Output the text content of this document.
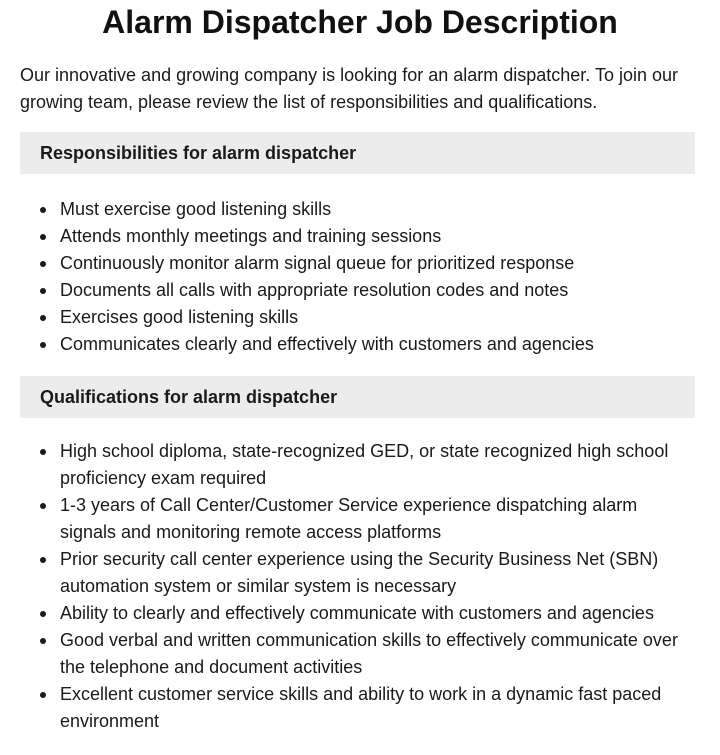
Alarm Dispatcher Job Description

Our innovative and growing company is looking for an alarm dispatcher. To join our growing team, please review the list of responsibilities and qualifications.

Responsibilities for alarm dispatcher
Must exercise good listening skills
Attends monthly meetings and training sessions
Continuously monitor alarm signal queue for prioritized response
Documents all calls with appropriate resolution codes and notes
Exercises good listening skills
Communicates clearly and effectively with customers and agencies
Qualifications for alarm dispatcher
High school diploma, state-recognized GED, or state recognized high school proficiency exam required
1-3 years of Call Center/Customer Service experience dispatching alarm signals and monitoring remote access platforms
Prior security call center experience using the Security Business Net (SBN) automation system or similar system is necessary
Ability to clearly and effectively communicate with customers and agencies
Good verbal and written communication skills to effectively communicate over the telephone and document activities
Excellent customer service skills and ability to work in a dynamic fast paced environment
